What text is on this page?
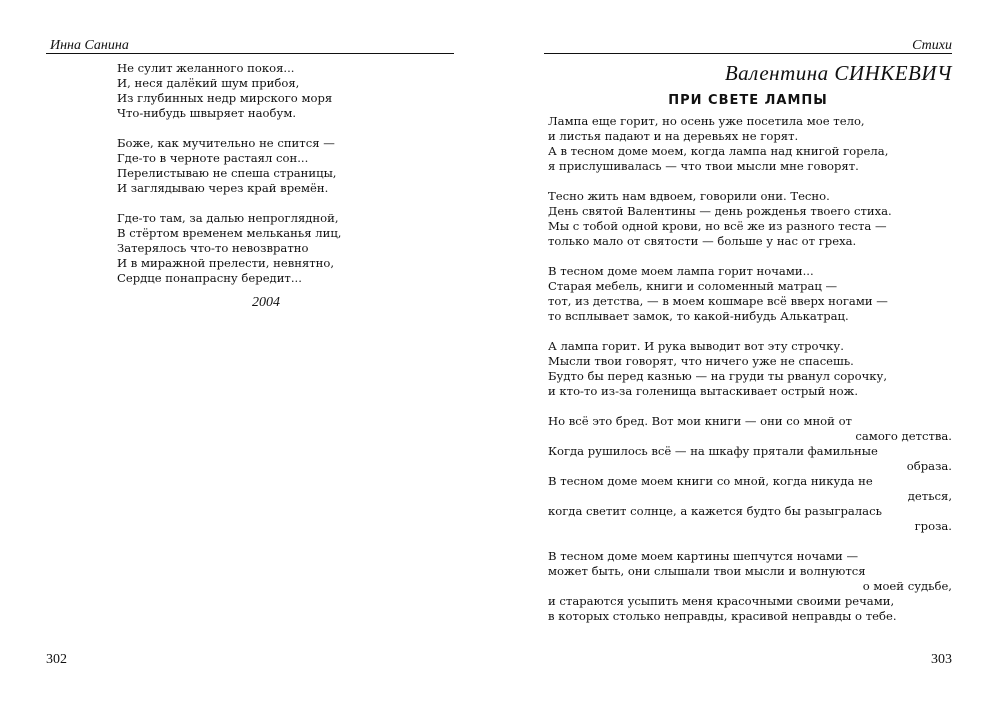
Инна Санина
Не сулит желанного покоя...
И, неся далёкий шум прибоя,
Из глубинных недр мирского моря
Что-нибудь швыряет наобум.
Боже, как мучительно не спится —
Где-то в черноте растаял сон...
Перелистываю не спеша страницы,
И заглядываю через край времён.
Где-то там, за далью непроглядной,
В стёртом временем мельканья лиц,
Затерялось что-то невозвратно
И в миражной прелести, невнятно,
Сердце понапрасну бередит...
2004
302
Стихи
Валентина СИНКЕВИЧ
ПРИ СВЕТЕ ЛАМПЫ
Лампа еще горит, но осень уже посетила мое тело,
и листья падают и на деревьях не горят.
А в тесном доме моем, когда лампа над книгой горела,
я прислушивалась — что твои мысли мне говорят.
Тесно жить нам вдвоем, говорили они. Тесно.
День святой Валентины — день рожденья твоего стиха.
Мы с тобой одной крови, но всё же из разного теста —
только мало от святости — больше у нас от греха.
В тесном доме моем лампа горит ночами...
Старая мебель, книги и соломенный матрац —
тот, из детства, — в моем кошмаре всё вверх ногами —
то всплывает замок, то какой-нибудь Алькатрац.
А лампа горит. И рука выводит вот эту строчку.
Мысли твои говорят, что ничего уже не спасешь.
Будто бы перед казнью — на груди ты рванул сорочку,
и кто-то из-за голенища вытаскивает острый нож.
Но всё это бред. Вот мои книги — они со мной от
самого детства.
Когда рушилось всё — на шкафу прятали фамильные
образа.
В тесном доме моем книги со мной, когда никуда не
деться,
когда светит солнце, а кажется будто бы разыгралась
гроза.
В тесном доме моем картины шепчутся ночами —
может быть, они слышали твои мысли и волнуются
о моей судьбе,
и стараются усыпить меня красочными своими речами,
в которых столько неправды, красивой неправды о тебе.
303
